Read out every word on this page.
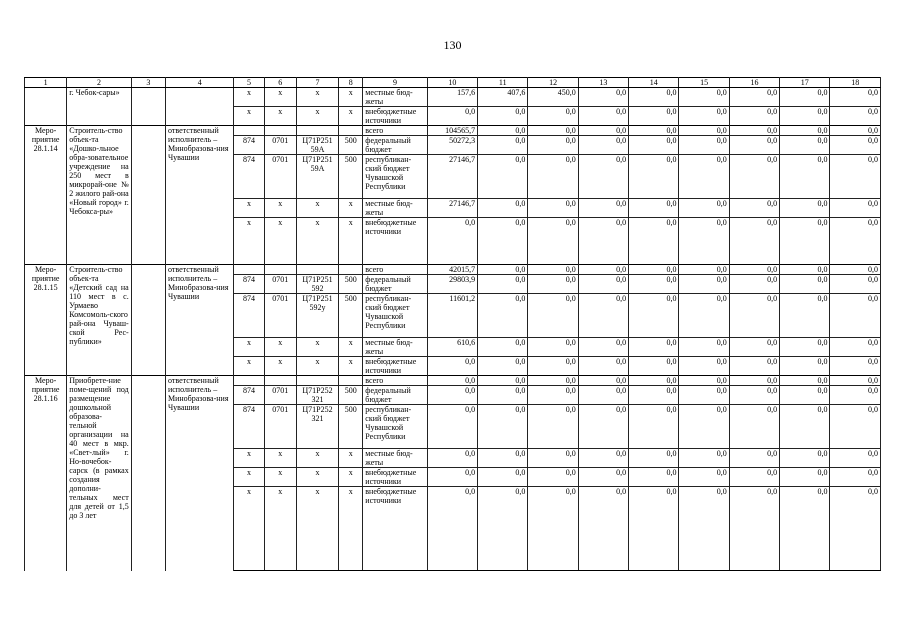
130
1	2	3	4	5	6	7	8	9	10	11	12	13	14	15	16	17	18
	г. Чебок-сары»			х	х	х	х	местные бюд-жеты	157,6	407,6	450,0	0,0	0,0	0,0	0,0	0,0	0,0
				х	х	х	х	внебюджетные источники	0,0	0,0	0,0	0,0	0,0	0,0	0,0	0,0	0,0
Меро-приятие 28.1.14	Строитель-ство объек-та «Дошко-льное обра-зовательное учреждение на 250 мест в микрорай-оне № 2 жилого рай-она «Новый город» г. Чебокса-ры»		ответственный исполнитель – Минобразова-ния Чувашии					всего	104565,7	0,0	0,0	0,0	0,0	0,0	0,0	0,0	0,0
				874	0701	Ц71Р251 59А	500	федеральный бюджет	50272,3	0,0	0,0	0,0	0,0	0,0	0,0	0,0	0,0
				874	0701	Ц71Р251 59А	500	республикан-ский бюджет Чувашской Республики	27146,7	0,0	0,0	0,0	0,0	0,0	0,0	0,0	0,0
				х	х	х	х	местные бюд-жеты	27146,7	0,0	0,0	0,0	0,0	0,0	0,0	0,0	0,0
				х	х	х	х	внебюджетные источники	0,0	0,0	0,0	0,0	0,0	0,0	0,0	0,0	0,0
Меро-приятие 28.1.15	Строитель-ство объек-та «Детский сад на 110 мест в с. Урмаево Комсомоль-ского рай-она Чуваш-ской Рес-публики»		ответственный исполнитель – Минобразова-ния Чувашии					всего	42015,7	0,0	0,0	0,0	0,0	0,0	0,0	0,0	0,0
				874	0701	Ц71Р251 592	500	федеральный бюджет	29803,9	0,0	0,0	0,0	0,0	0,0	0,0	0,0	0,0
				874	0701	Ц71Р251 592у	500	республикан-ский бюджет Чувашской Республики	11601,2	0,0	0,0	0,0	0,0	0,0	0,0	0,0	0,0
				х	х	х	х	местные бюд-жеты	610,6	0,0	0,0	0,0	0,0	0,0	0,0	0,0	0,0
				х	х	х	х	внебюджетные источники	0,0	0,0	0,0	0,0	0,0	0,0	0,0	0,0	0,0
Меро-приятие 28.1.16	Приобрете-ние поме-щений под размещение дошкольной образова-тельной организации на 40 мест в мкр. «Свет-лый» г. Но-вочебок-сарск (в рамках создания дополни-тельных мест для детей от 1,5 до 3 лет		ответственный исполнитель – Минобразова-ния Чувашии					всего	0,0	0,0	0,0	0,0	0,0	0,0	0,0	0,0	0,0
				874	0701	Ц71Р252 321	500	федеральный бюджет	0,0	0,0	0,0	0,0	0,0	0,0	0,0	0,0	0,0
				874	0701	Ц71Р252 321	500	республикан-ский бюджет Чувашской Республики	0,0	0,0	0,0	0,0	0,0	0,0	0,0	0,0	0,0
				х	х	х	х	местные бюд-жеты	0,0	0,0	0,0	0,0	0,0	0,0	0,0	0,0	0,0
				х	х	х	х	внебюджетные источники	0,0	0,0	0,0	0,0	0,0	0,0	0,0	0,0	0,0
				х	х	х	х	внебюджетные источники	0,0	0,0	0,0	0,0	0,0	0,0	0,0	0,0	0,0
